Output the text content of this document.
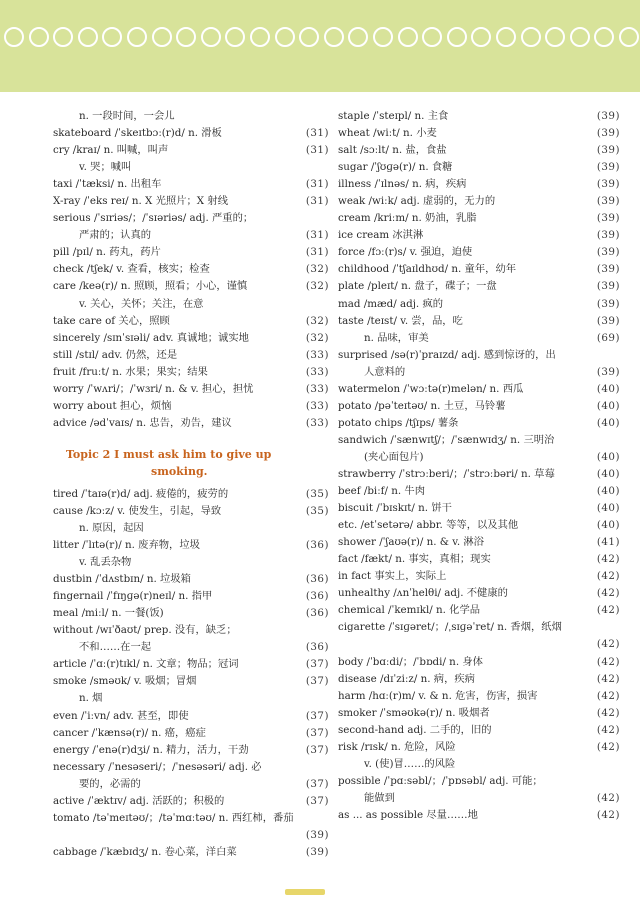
n. 一段时间，一会儿
skateboard /ˈskeɪtbɔː(r)d/ n. 滑板	(31)
cry /kraɪ/ n. 叫喊，叫声	(31)
v. 哭；喊叫
taxi /ˈtæksi/ n. 出租车	(31)
X-ray /ˈeks reɪ/ n. X 光照片；X 射线	(31)
serious /ˈsɪriəs/；/ˈsɪəriəs/ adj. 严重的；
严肃的；认真的	(31)
pill /pɪl/ n. 药丸，药片	(31)
check /tʃek/ v. 查看，核实；检查	(32)
care /keə(r)/ n. 照顾，照看；小心，谨慎	(32)
v. 关心，关怀；关注，在意
take care of 关心，照顾	(32)
sincerely /sɪnˈsɪəli/ adv. 真诚地；诚实地	(32)
still /stɪl/ adv. 仍然，还是	(33)
fruit /fruːt/ n. 水果；果实；结果	(33)
worry /ˈwʌri/；/ˈwɜri/ n. & v. 担心，担忧	(33)
worry about 担心，烦恼	(33)
advice /ədˈvaɪs/ n. 忠告，劝告，建议	(33)
Topic 2 I must ask him to give up
smoking.
tired /ˈtaɪə(r)d/ adj. 疲倦的，疲劳的	(35)
cause /kɔːz/ v. 使发生，引起，导致	(35)
n. 原因，起因
litter /ˈlɪtə(r)/ n. 废弃物，垃圾	(36)
v. 乱丢杂物
dustbin /ˈdʌstbɪn/ n. 垃圾箱	(36)
fingernail /ˈfɪŋɡə(r)neɪl/ n. 指甲	(36)
meal /miːl/ n. 一餐(饭)	(36)
without /wɪˈðaʊt/ prep. 没有，缺乏；
不和……在一起	(36)
article /ˈɑː(r)tɪkl/ n. 文章；物品；冠词	(37)
smoke /sməʊk/ v. 吸烟；冒烟	(37)
n. 烟
even /ˈiːvn/ adv. 甚至，即使	(37)
cancer /ˈkænsə(r)/ n. 癌，癌症	(37)
energy /ˈenə(r)dʒi/ n. 精力，活力，干劲	(37)
necessary /ˈnesəseri/；/ˈnesəsəri/ adj. 必
要的，必需的	(37)
active /ˈæktɪv/ adj. 活跃的；积极的	(37)
tomato /təˈmeɪtəʊ/；/təˈmɑːtəʊ/ n. 西红柿，番茄
(39)
cabbage /ˈkæbɪdʒ/ n. 卷心菜，洋白菜	(39)
staple /ˈsteɪpl/ n. 主食	(39)
wheat /wiːt/ n. 小麦	(39)
salt /sɔːlt/ n. 盐，食盐	(39)
sugar /ˈʃʊɡə(r)/ n. 食糖	(39)
illness /ˈɪlnəs/ n. 病，疾病	(39)
weak /wiːk/ adj. 虚弱的，无力的	(39)
cream /kriːm/ n. 奶油，乳脂	(39)
ice cream 冰淇淋	(39)
force /fɔː(r)s/ v. 强迫，迫使	(39)
childhood /ˈtʃaɪldhʊd/ n. 童年，幼年	(39)
plate /pleɪt/ n. 盘子，碟子；一盘	(39)
mad /mæd/ adj. 疯的	(39)
taste /teɪst/ v. 尝，品，吃	(39)
n. 品味，审美	(69)
surprised /sə(r)ˈpraɪzd/ adj. 感到惊讶的，出
人意料的	(39)
watermelon /ˈwɔːtə(r)melən/ n. 西瓜	(40)
potato /pəˈteɪtəʊ/ n. 土豆，马铃薯	(40)
potato chips /tʃɪps/ 薯条	(40)
sandwich /ˈsænwɪtʃ/；/ˈsænwɪdʒ/ n. 三明治
(夹心面包片)	(40)
strawberry /ˈstrɔːberi/；/ˈstrɔːbəri/ n. 草莓	(40)
beef /biːf/ n. 牛肉	(40)
biscuit /ˈbɪskɪt/ n. 饼干	(40)
etc. /etˈsetərə/ abbr. 等等，以及其他	(40)
shower /ˈʃaʊə(r)/ n. & v. 淋浴	(41)
fact /fækt/ n. 事实，真相；现实	(42)
in fact 事实上，实际上	(42)
unhealthy /ʌnˈhelθi/ adj. 不健康的	(42)
chemical /ˈkemɪkl/ n. 化学品	(42)
cigarette /ˈsɪɡəret/；/ˌsɪɡəˈret/ n. 香烟，纸烟
(42)
body /ˈbɑːdi/；/ˈbɒdi/ n. 身体	(42)
disease /dɪˈziːz/ n. 病，疾病	(42)
harm /hɑː(r)m/ v. & n. 危害，伤害，损害	(42)
smoker /ˈsməʊkə(r)/ n. 吸烟者	(42)
second-hand adj. 二手的，旧的	(42)
risk /rɪsk/ n. 危险，风险	(42)
v. (使)冒……的风险
possible /ˈpɑːsəbl/；/ˈpɒsəbl/ adj. 可能；
能做到	(42)
as ... as possible 尽量……地	(42)
